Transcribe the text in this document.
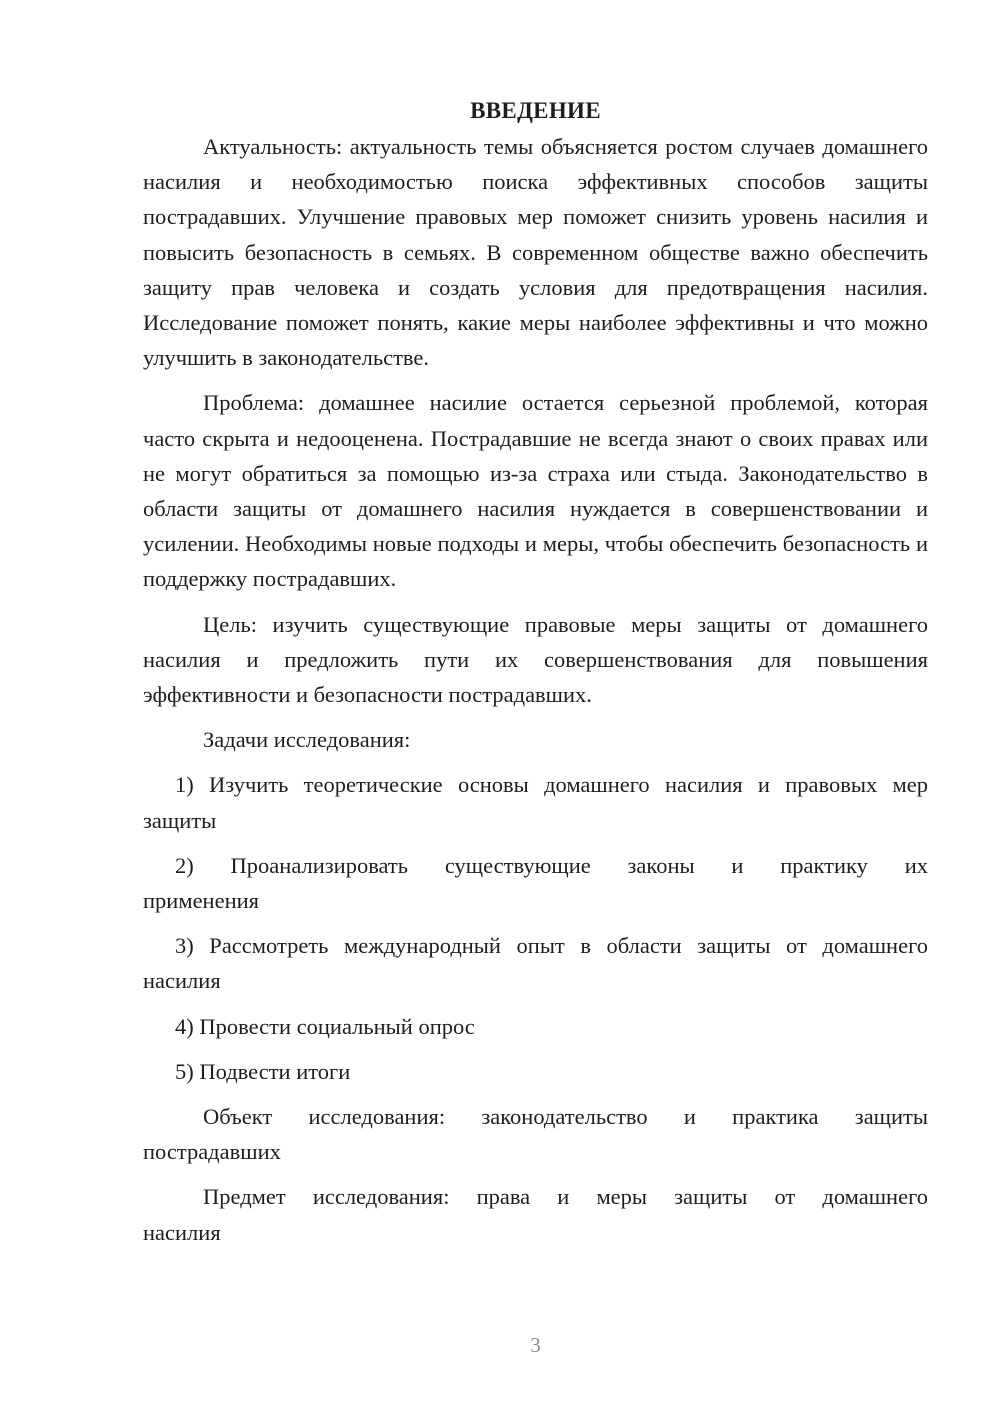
ВВЕДЕНИЕ

Актуальность: актуальность темы объясняется ростом случаев домашнего насилия и необходимостью поиска эффективных способов защиты пострадавших. Улучшение правовых мер поможет снизить уровень насилия и повысить безопасность в семьях. В современном обществе важно обеспечить защиту прав человека и создать условия для предотвращения насилия. Исследование поможет понять, какие меры наиболее эффективны и что можно улучшить в законодательстве.

Проблема: домашнее насилие остается серьезной проблемой, которая часто скрыта и недооценена. Пострадавшие не всегда знают о своих правах или не могут обратиться за помощью из-за страха или стыда. Законодательство в области защиты от домашнего насилия нуждается в совершенствовании и усилении. Необходимы новые подходы и меры, чтобы обеспечить безопасность и поддержку пострадавших.

Цель: изучить существующие правовые меры защиты от домашнего насилия и предложить пути их совершенствования для повышения эффективности и безопасности пострадавших.

Задачи исследования:

1) Изучить теоретические основы домашнего насилия и правовых мер
защиты
2) Проанализировать существующие законы и практику их
применения
3) Рассмотреть международный опыт в области защиты от домашнего
насилия
4) Провести социальный опрос
5) Подвести итоги
Объект исследования: законодательство и практика защиты
пострадавших
Предмет исследования: права и меры защиты от домашнего
насилия
3
